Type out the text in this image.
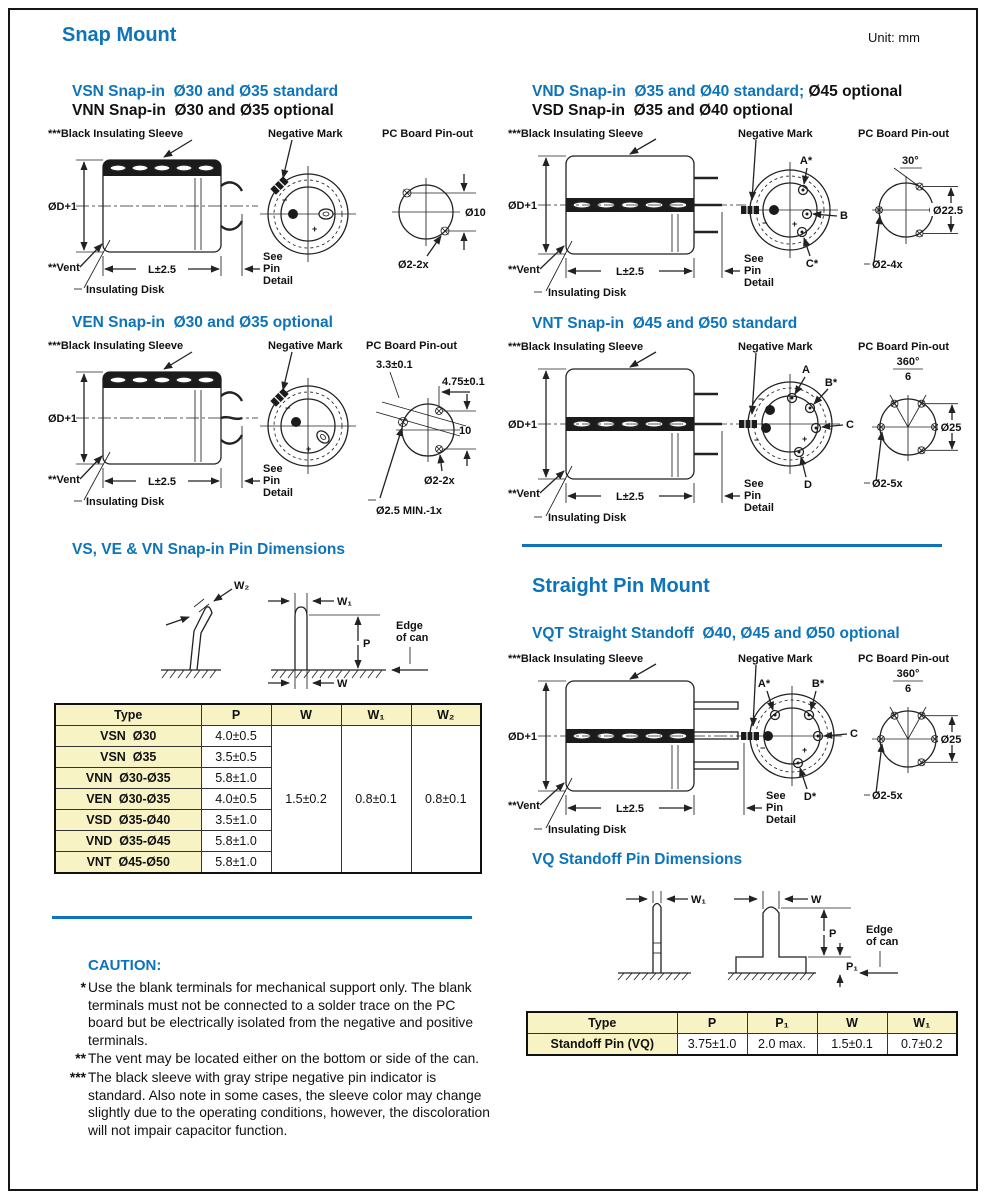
Snap Mount	Unit: mm
VSN Snap-in  Ø30 and Ø35 standard
VNN Snap-in  Ø30 and Ø35 optional
***Black Insulating Sleeve	Negative Mark	PC Board Pin-out
ØD+1
L±2.5
**Vent
Insulating Disk
See
Pin
Detail
−
+
Ø10
Ø2-2x
VEN Snap-in  Ø30 and Ø35 optional
***Black Insulating Sleeve	Negative Mark PC Board Pin-out
ØD+1
L±2.5
**Vent
Insulating Disk
See
Pin
Detail
−
+
3.3±0.1
4.75±0.1
10
Ø2-2x
Ø2.5 MIN.-1x
VS, VE & VN Snap-in Pin Dimensions
W₂
W₁
P
W
Edge
of can
Type	P	W	W₁	W₂
VSN  Ø30	4.0±0.5	1.5±0.2	0.8±0.1	0.8±0.1
VSN  Ø35	3.5±0.5			
VNN  Ø30-Ø35	5.8±1.0			
VEN  Ø30-Ø35	4.0±0.5			
VSD  Ø35-Ø40	3.5±1.0			
VND  Ø35-Ø45	5.8±1.0			
VNT  Ø45-Ø50	5.8±1.0			
CAUTION:
* Use the blank terminals for mechanical support only. The blank terminals must not be connected to a solder trace on the PC board but be electrically isolated from the negative and positive terminals.
** The vent may be located either on the bottom or side of the can.
*** The black sleeve with gray stripe negative pin indicator is standard. Also note in some cases, the sleeve color may change slightly due to the operating conditions, however, the discoloration will not impair capacitor function.
VND Snap-in  Ø35 and Ø40 standard; Ø45 optional
VSD Snap-in  Ø35 and Ø40 optional
***Black Insulating Sleeve	Negative Mark	PC Board Pin-out
ØD+1
L±2.5
**Vent
Insulating Disk
See
Pin
Detail
−	+
A*
B
C*
30°
Ø22.5
Ø2-4x
VNT Snap-in  Ø45 and Ø50 standard
***Black Insulating Sleeve	Negative Mark	PC Board Pin-out
ØD+1
L±2.5
**Vent
Insulating Disk
See
Pin
Detail
−
−	+
A
B*
C
D
360°
6
Ø25
Ø2-5x
Straight Pin Mount
VQT Straight Standoff  Ø40, Ø45 and Ø50 optional
***Black Insulating Sleeve	Negative Mark	PC Board Pin-out
ØD+1
L±2.5
**Vent
Insulating Disk
See
Pin
Detail
−	+
A*	B*
C
D*
360°
6
Ø25
Ø2-5x
VQ Standoff Pin Dimensions
W₁	W
P
P₁
Edge
of can
Type	P	P₁	W	W₁
Standoff Pin (VQ)	3.75±1.0	2.0 max.	1.5±0.1	0.7±0.2
